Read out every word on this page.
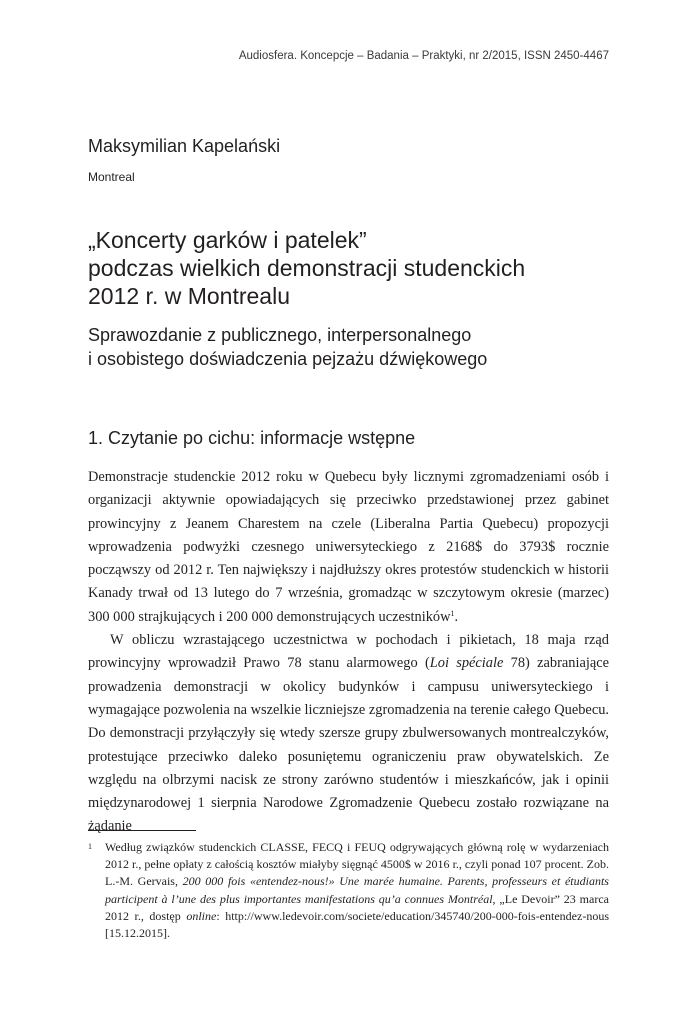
Audiosfera. Koncepcje – Badania – Praktyki, nr 2/2015, ISSN 2450-4467
Maksymilian Kapelański
Montreal
„Koncerty garków i patelek”
podczas wielkich demonstracji studenckich
2012 r. w Montrealu
Sprawozdanie z publicznego, interpersonalnego
i osobistego doświadczenia pejzażu dźwiękowego
1. Czytanie po cichu: informacje wstępne

Demonstracje studenckie 2012 roku w Quebecu były licznymi zgromadzeniami osób i organizacji aktywnie opowiadających się przeciwko przedstawionej przez gabinet prowincyjny z Jeanem Charestem na czele (Liberalna Partia Quebecu) propozycji wprowadzenia podwyżki czesnego uniwersyteckiego z 2168$ do 3793$ rocznie począwszy od 2012 r. Ten największy i najdłuższy okres protestów studenckich w historii Kanady trwał od 13 lutego do 7 września, gromadząc w szczytowym okresie (marzec) 300 000 strajkujących i 200 000 demonstrujących uczestników$^1$.

W obliczu wzrastającego uczestnictwa w pochodach i pikietach, 18 maja rząd prowincyjny wprowadził Prawo 78 stanu alarmowego (Loi spéciale 78) zabraniające prowadzenia demonstracji w okolicy budynków i campusu uniwersyteckiego i wymagające pozwolenia na wszelkie liczniejsze zgromadzenia na terenie całego Quebecu. Do demonstracji przyłączyły się wtedy szersze grupy zbulwersowanych montrealczyków, protestujące przeciwko daleko posuniętemu ograniczeniu praw obywatelskich. Ze względu na olbrzymi nacisk ze strony zarówno studentów i mieszkańców, jak i opinii międzynarodowej 1 sierpnia Narodowe Zgromadzenie Quebecu zostało rozwiązane na żądanie

1 Według związków studenckich CLASSE, FECQ i FEUQ odgrywających główną rolę w wydarzeniach 2012 r., pełne opłaty z całością kosztów miałyby sięgnąć 4500$ w 2016 r., czyli ponad 107 procent. Zob. L.-M. Gervais, 200 000 fois «entendez-nous!» Une marée humaine. Parents, professeurs et étudiants participent à l’une des plus importantes manifestations qu’a connues Montréal, „Le Devoir” 23 marca 2012 r., dostęp online: http://www.ledevoir.com/societe/education/345740/200-000-fois-entendez-nous [15.12.2015].
